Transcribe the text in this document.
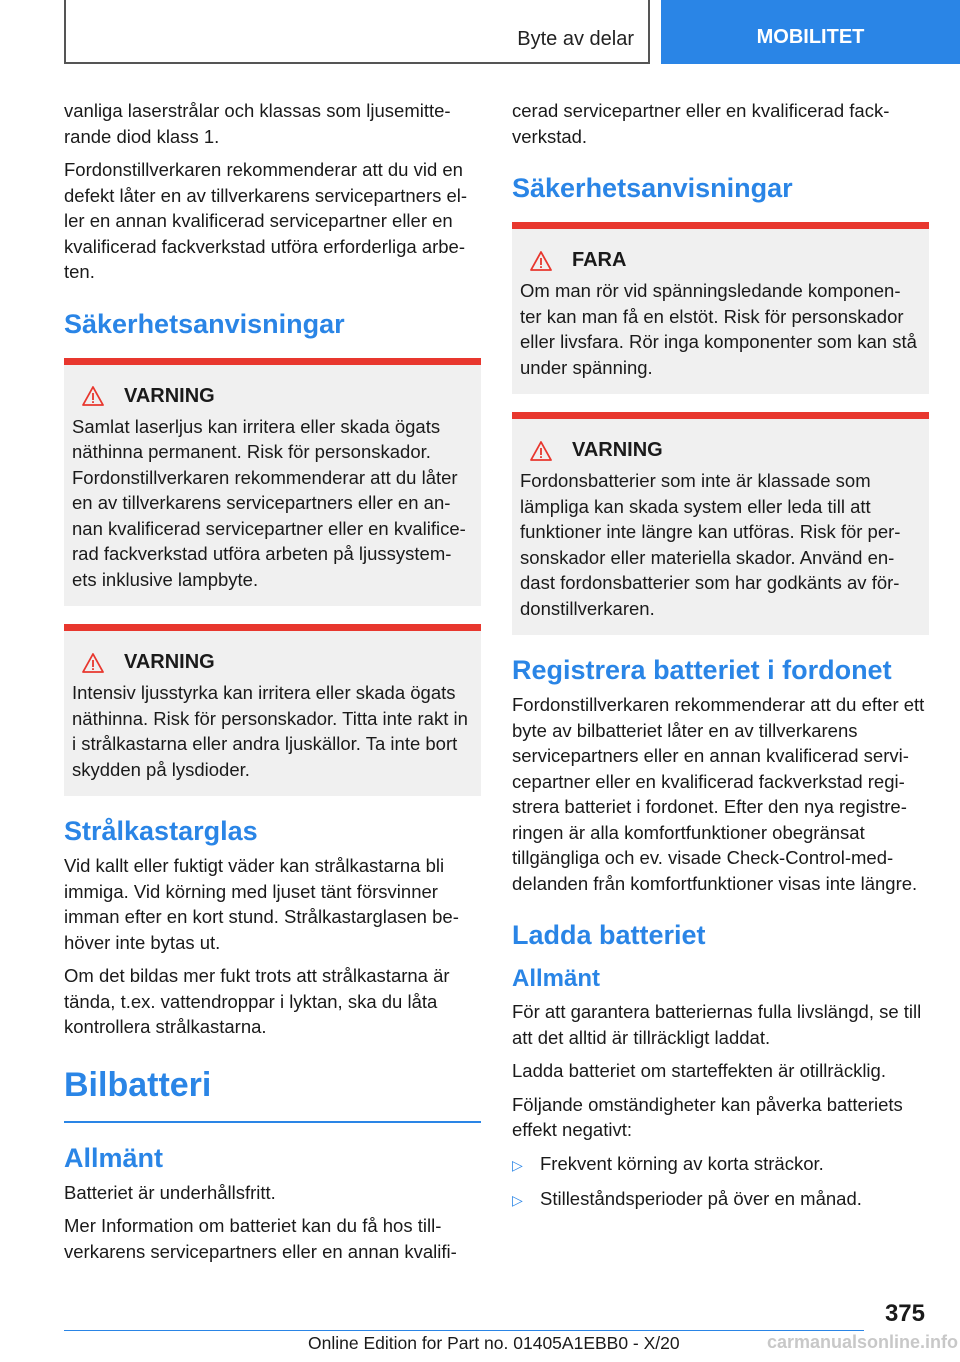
Byte av delar	MOBILITET

vanliga laserstrålar och klassas som ljusemitte-rande diod klass 1.

Fordonstillverkaren rekommenderar att du vid en defekt låter en av tillverkarens servicepartners el-ler en annan kvalificerad servicepartner eller en kvalificerad fackverkstad utföra erforderliga arbe-ten.

Säkerhetsanvisningar
VARNING

Samlat laserljus kan irritera eller skada ögats näthinna permanent. Risk för personskador. Fordonstillverkaren rekommenderar att du låter en av tillverkarens servicepartners eller en an-nan kvalificerad servicepartner eller en kvalifice-rad fackverkstad utföra arbeten på ljussystem-ets inklusive lampbyte.

VARNING

Intensiv ljusstyrka kan irritera eller skada ögats näthinna. Risk för personskador. Titta inte rakt in i strålkastarna eller andra ljuskällor. Ta inte bort skydden på lysdioder.

Strålkastarglas

Vid kallt eller fuktigt väder kan strålkastarna bli immiga. Vid körning med ljuset tänt försvinner imman efter en kort stund. Strålkastarglasen be-höver inte bytas ut.

Om det bildas mer fukt trots att strålkastarna är tända, t.ex. vattendroppar i lyktan, ska du låta kontrollera strålkastarna.

Bilbatteri
Allmänt

Batteriet är underhållsfritt.

Mer Information om batteriet kan du få hos till-verkarens servicepartners eller en annan kvalifi-

cerad servicepartner eller en kvalificerad fack-verkstad.

Säkerhetsanvisningar
FARA

Om man rör vid spänningsledande komponen-ter kan man få en elstöt. Risk för personskador eller livsfara. Rör inga komponenter som kan stå under spänning.

VARNING

Fordonsbatterier som inte är klassade som lämpliga kan skada system eller leda till att funktioner inte längre kan utföras. Risk för per-sonskador eller materiella skador. Använd en-dast fordonsbatterier som har godkänts av för-donstillverkaren.

Registrera batteriet i fordonet

Fordonstillverkaren rekommenderar att du efter ett byte av bilbatteriet låter en av tillverkarens servicepartners eller en annan kvalificerad servi-cepartner eller en kvalificerad fackverkstad regi-strera batteriet i fordonet. Efter den nya registre-ringen är alla komfortfunktioner obegränsat tillgängliga och ev. visade Check-Control-med-delanden från komfortfunktioner visas inte längre.

Ladda batteriet
Allmänt

För att garantera batteriernas fulla livslängd, se till att det alltid är tillräckligt laddat.

Ladda batteriet om starteffekten är otillräcklig.

Följande omständigheter kan påverka batteriets effekt negativt:

▷ Frekvent körning av korta sträckor.
▷ Stilleståndsperioder på över en månad.
375
Online Edition for Part no. 01405A1EBB0 - X/20	carmanualsonline.info
